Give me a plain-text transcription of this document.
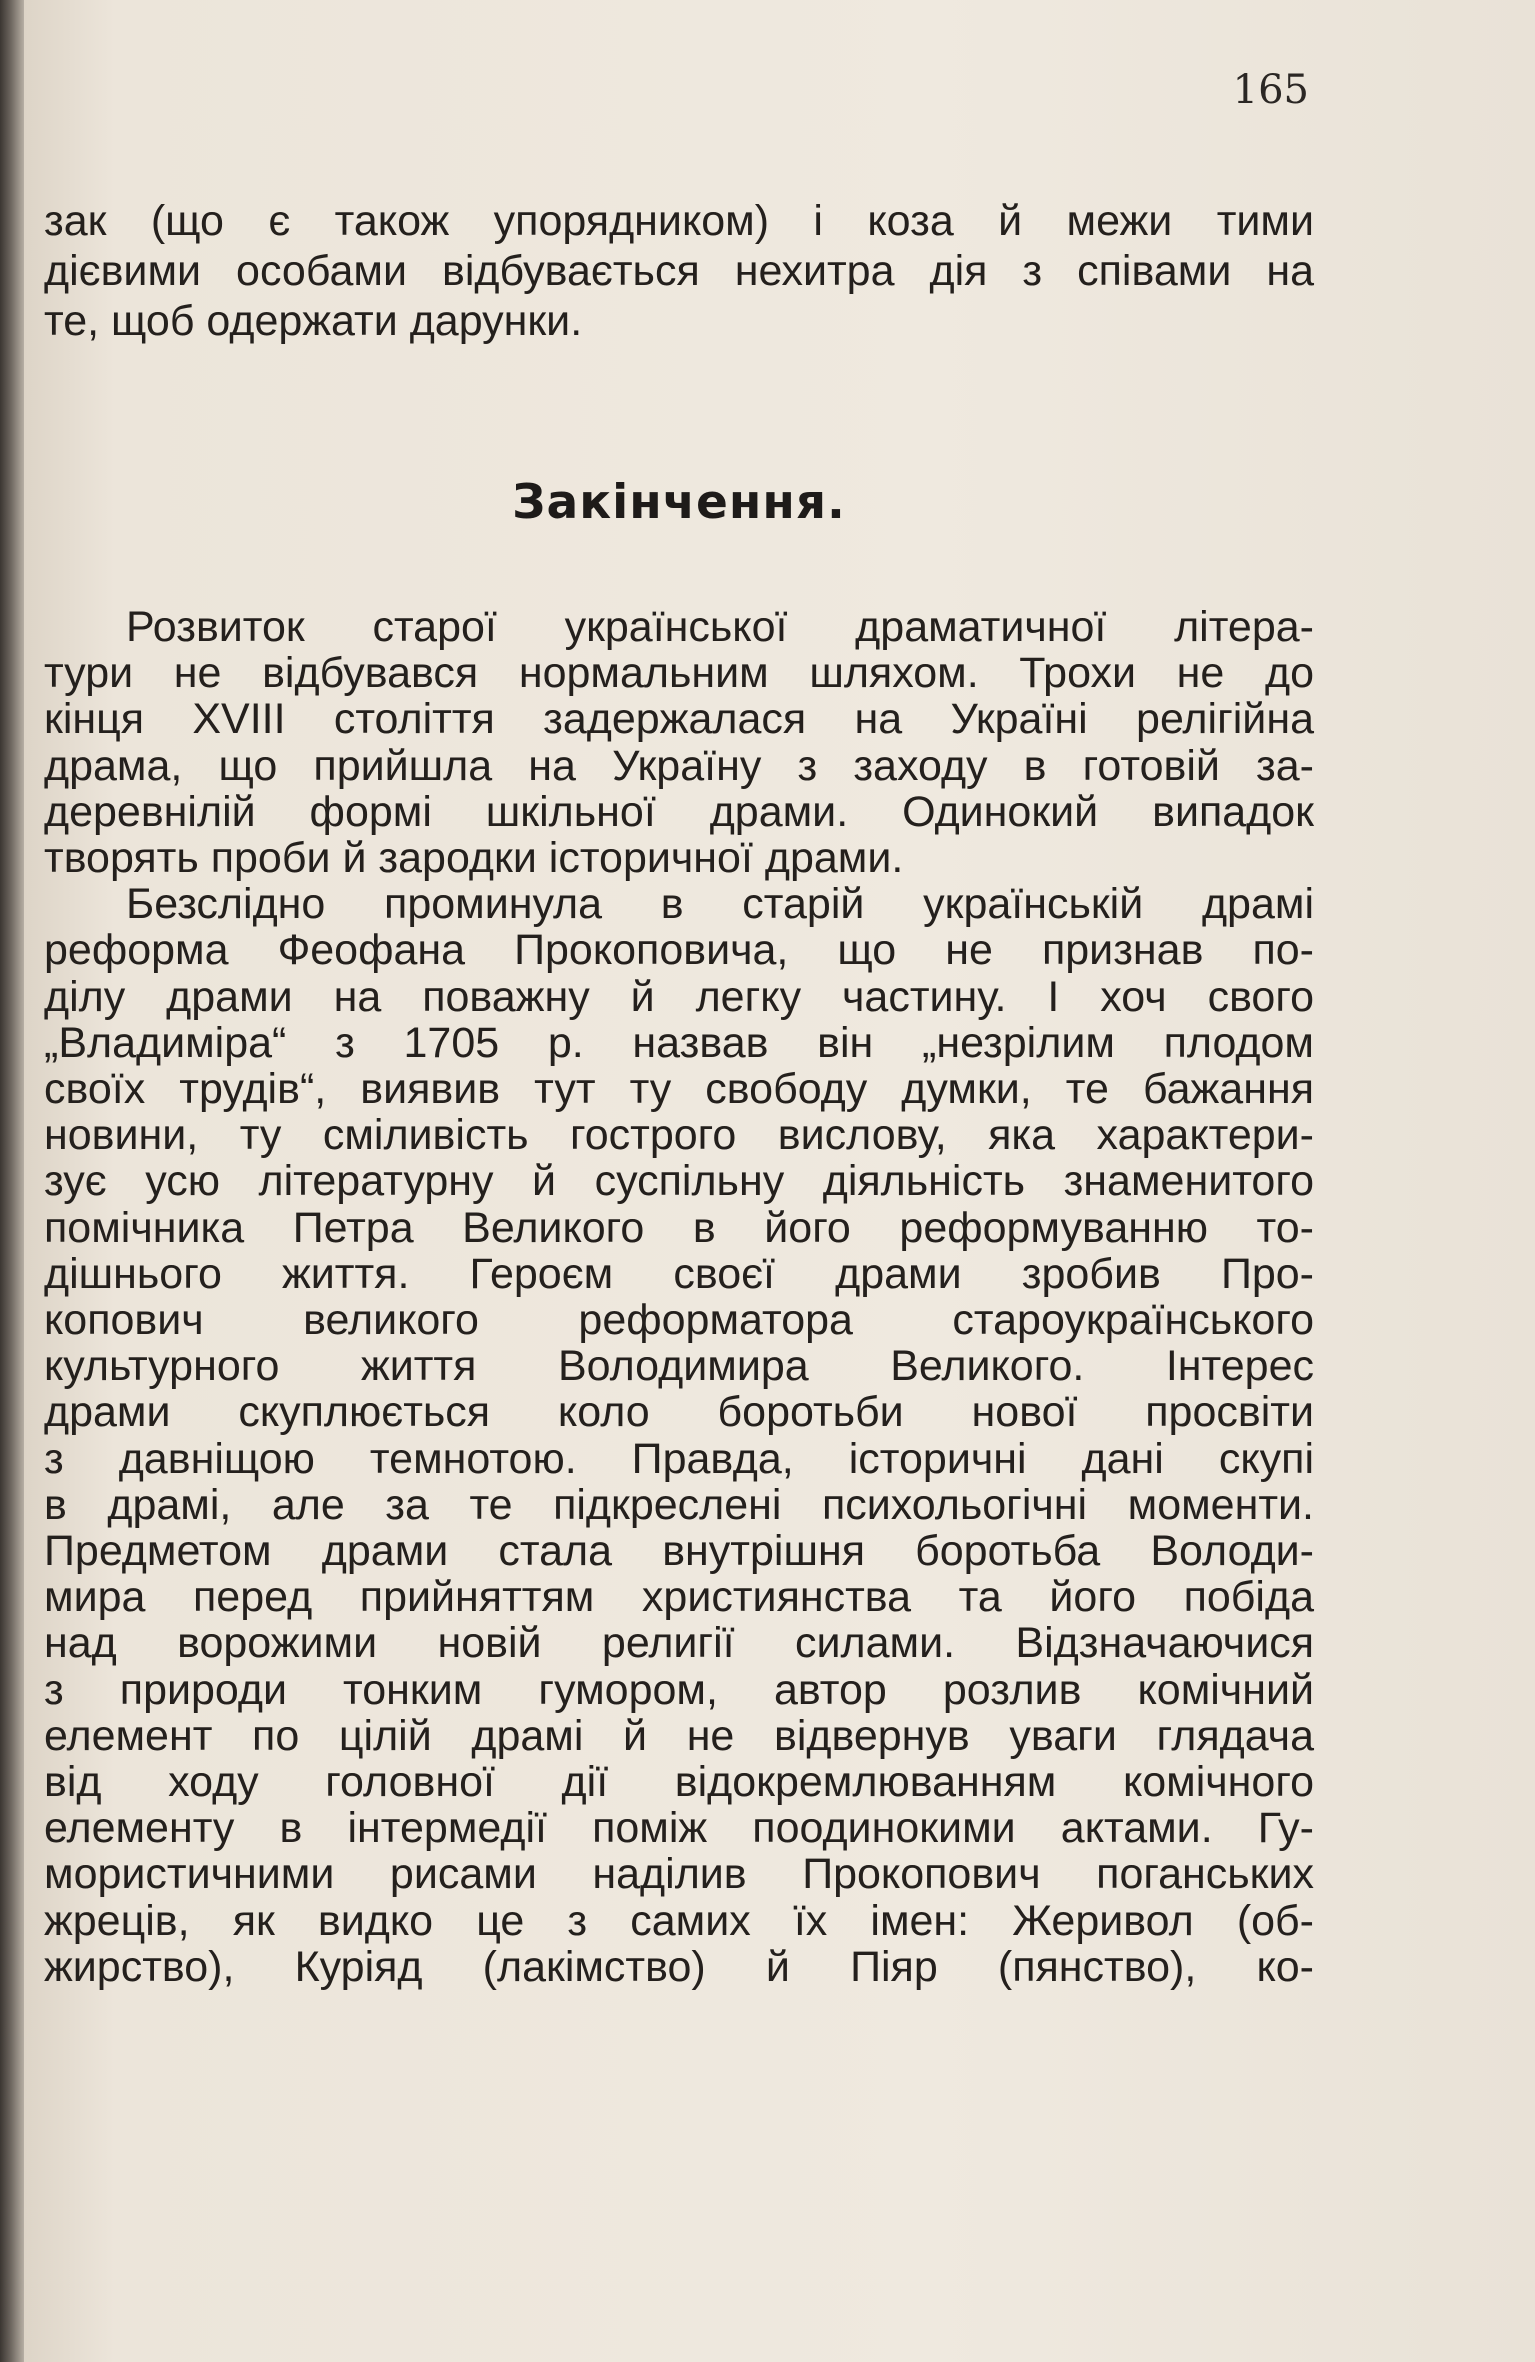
165
зак (що є також упорядником) і коза й межи тими
дієвими особами відбувається нехитра дія з співами на
те, щоб одержати дарунки.
Закінчення.
Розвиток старої української драматичної літера-
тури не відбувався нормальним шляхом. Трохи не до
кінця XVIII століття задержалася на Україні релігійна
драма, що прийшла на Україну з заходу в готовій за-
деревнілій формі шкільної драми. Одинокий випадок
творять проби й зародки історичної драми.
Безслідно проминула в старій українській драмі
реформа Феофана Прокоповича, що не признав по-
ділу драми на поважну й легку частину. І хоч свого
„Владиміра“ з 1705 р. назвав він „незрілим плодом
своїх трудів“, виявив тут ту свободу думки, те бажання
новини, ту сміливість гострого вислову, яка характери-
зує усю літературну й суспільну діяльність знаменитого
помічника Петра Великого в його реформуванню то-
дішнього життя. Героєм своєї драми зробив Про-
копович великого реформатора староукраїнського
культурного життя Володимира Великого. Інтерес
драми скуплюється коло боротьби нової просвіти
з давніщою темнотою. Правда, історичні дані скупі
в драмі, але за те підкреслені психольогічні моменти.
Предметом драми стала внутрішня боротьба Володи-
мира перед прийняттям християнства та його побіда
над ворожими новій религії силами. Відзначаючися
з природи тонким гумором, автор розлив комічний
елемент по цілій драмі й не відвернув уваги глядача
від ходу головної дії відокремлюванням комічного
елементу в інтермедії поміж поодинокими актами. Гу-
мористичними рисами наділив Прокопович поганських
жреців, як видко це з самих їх імен: Жеривол (об-
жирство), Куріяд (лакімство) й Піяр (пянство), ко-
